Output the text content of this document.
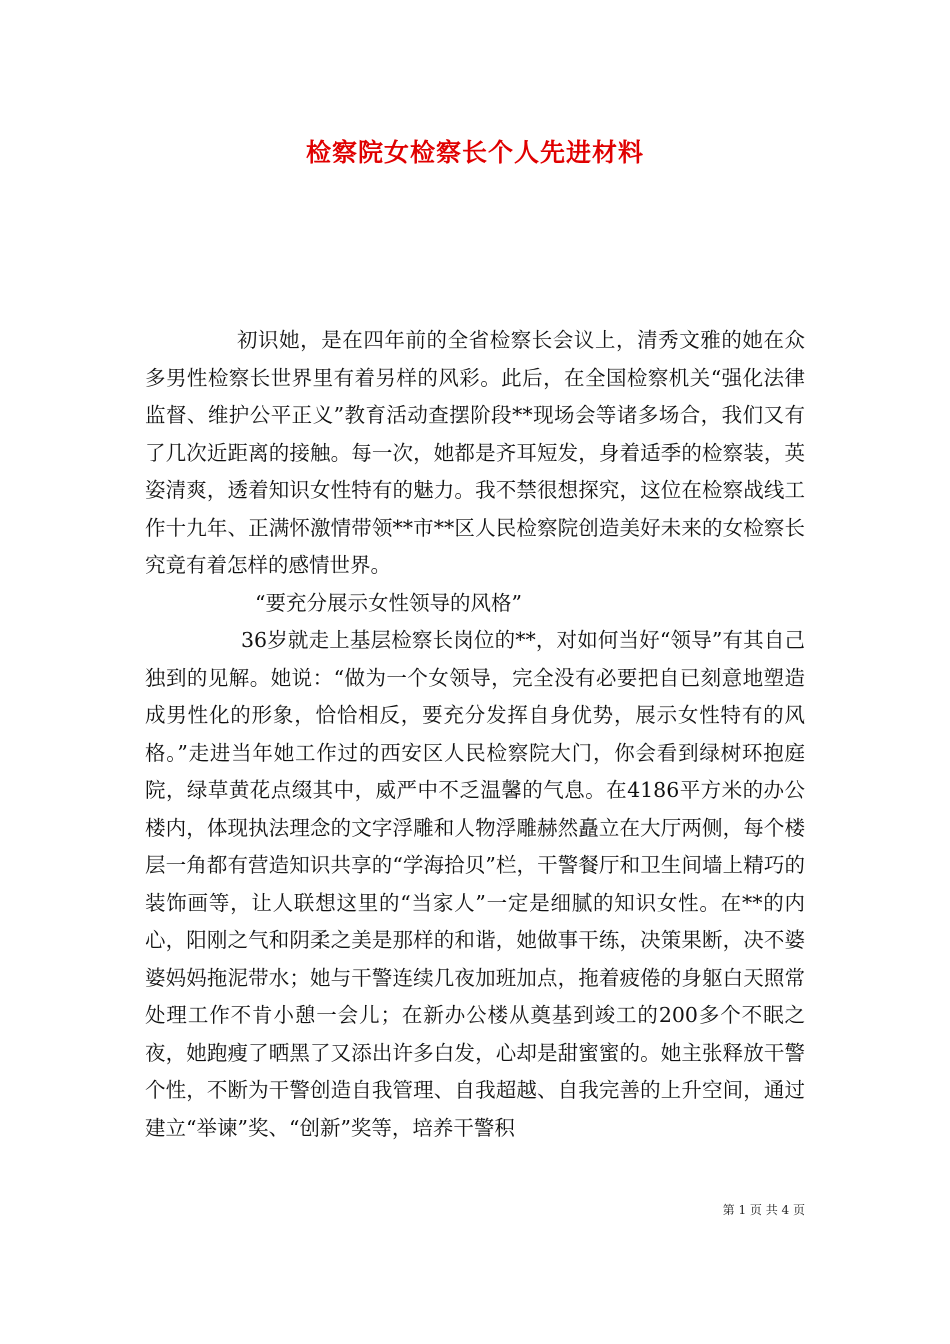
检察院女检察长个人先进材料

初识她，是在四年前的全省检察长会议上，清秀文雅的她在众多男性检察长世界里有着另样的风彩。此后，在全国检察机关“强化法律监督、维护公平正义”教育活动查摆阶段**现场会等诸多场合，我们又有了几次近距离的接触。每一次，她都是齐耳短发，身着适季的检察装，英姿清爽，透着知识女性特有的魅力。我不禁很想探究，这位在检察战线工作十九年、正满怀激情带领**市**区人民检察院创造美好未来的女检察长究竟有着怎样的感情世界。

“要充分展示女性领导的风格”

36岁就走上基层检察长岗位的**，对如何当好“领导”有其自己独到的见解。她说：“做为一个女领导，完全没有必要把自已刻意地塑造成男性化的形象，恰恰相反，要充分发挥自身优势，展示女性特有的风格。”走进当年她工作过的西安区人民检察院大门，你会看到绿树环抱庭院，绿草黄花点缀其中，威严中不乏温馨的气息。在4186平方米的办公楼内，体现执法理念的文字浮雕和人物浮雕赫然矗立在大厅两侧，每个楼层一角都有营造知识共享的“学海拾贝”栏，干警餐厅和卫生间墙上精巧的装饰画等，让人联想这里的“当家人”一定是细腻的知识女性。在**的内心，阳刚之气和阴柔之美是那样的和谐，她做事干练，决策果断，决不婆婆妈妈拖泥带水；她与干警连续几夜加班加点，拖着疲倦的身躯白天照常处理工作不肯小憩一会儿；在新办公楼从奠基到竣工的200多个不眠之夜，她跑瘦了晒黑了又添出许多白发，心却是甜蜜蜜的。她主张释放干警个性，不断为干警创造自我管理、自我超越、自我完善的上升空间，通过建立“举谏”奖、“创新”奖等，培养干警积

第 1 页 共 4 页
